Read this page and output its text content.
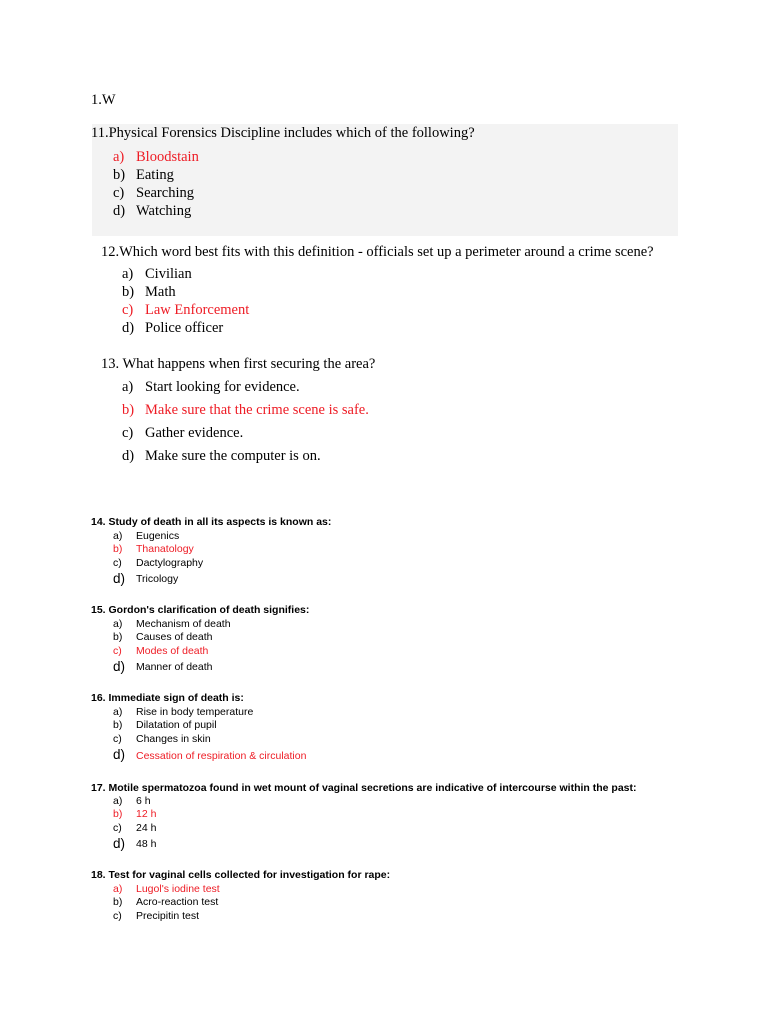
1.W
11.Physical Forensics Discipline includes which of the following?
a) Bloodstain
b) Eating
c) Searching
d) Watching
12.Which word best fits with this definition - officials set up a perimeter around a crime scene?
a) Civilian
b) Math
c) Law Enforcement
d) Police officer
13. What happens when first securing the area?
a) Start looking for evidence.
b) Make sure that the crime scene is safe.
c) Gather evidence.
d) Make sure the computer is on.
14. Study of death in all its aspects is known as:
a) Eugenics
b) Thanatology
c) Dactylography
d) Tricology
15. Gordon's clarification of death signifies:
a) Mechanism of death
b) Causes of death
c) Modes of death
d) Manner of death
16. Immediate sign of death is:
a) Rise in body temperature
b) Dilatation of pupil
c) Changes in skin
d) Cessation of respiration & circulation
17. Motile spermatozoa found in wet mount of vaginal secretions are indicative of intercourse within the past:
a) 6 h
b) 12 h
c) 24 h
d) 48 h
18. Test for vaginal cells collected for investigation for rape:
a) Lugol's iodine test
b) Acro-reaction test
c) Precipitin test
